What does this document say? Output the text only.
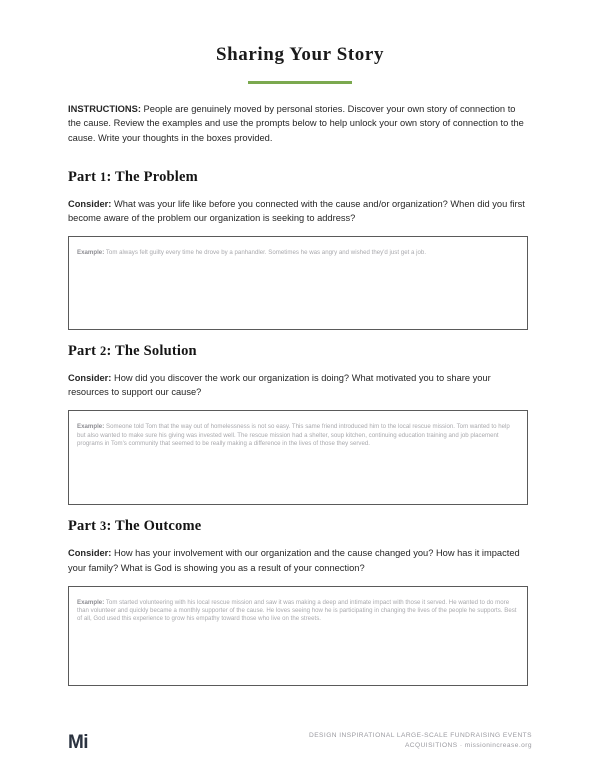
Sharing Your Story

INSTRUCTIONS: People are genuinely moved by personal stories. Discover your own story of connection to the cause. Review the examples and use the prompts below to help unlock your own story of connection to the cause. Write your thoughts in the boxes provided.

Part 1: The Problem

Consider: What was your life like before you connected with the cause and/or organization? When did you first become aware of the problem our organization is seeking to address?

Example: Tom always felt guilty every time he drove by a panhandler. Sometimes he was angry and wished they'd just get a job.

Part 2: The Solution

Consider: How did you discover the work our organization is doing? What motivated you to share your resources to support our cause?

Example: Someone told Tom that the way out of homelessness is not so easy. This same friend introduced him to the local rescue mission. Tom wanted to help but also wanted to make sure his giving was invested well. The rescue mission had a shelter, soup kitchen, continuing education training and job placement programs in Tom's community that seemed to be really making a difference in the lives of those they served.

Part 3: The Outcome

Consider: How has your involvement with our organization and the cause changed you? How has it impacted your family? What is God is showing you as a result of your connection?

Example: Tom started volunteering with his local rescue mission and saw it was making a deep and intimate impact with those it served. He wanted to do more than volunteer and quickly became a monthly supporter of the cause. He loves seeing how he is participating in changing the lives of the people he supports. Best of all, God used this experience to grow his empathy toward those who live on the streets.

Mi	DESIGN INSPIRATIONAL LARGE-SCALE FUNDRAISING EVENTS
ACQUISITIONS · missionincrease.org
